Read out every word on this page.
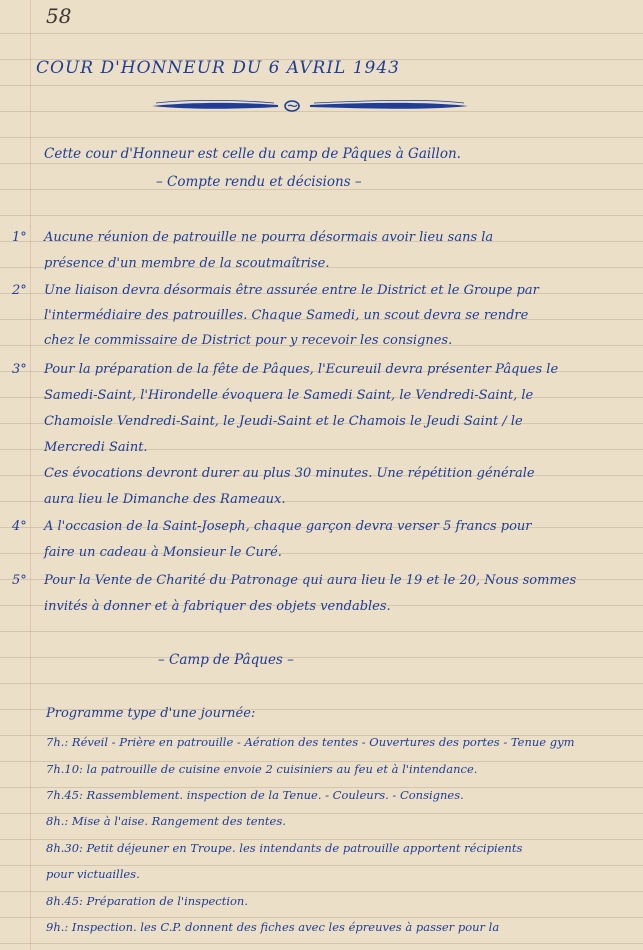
58
COUR D'HONNEUR DU 6 AVRIL 1943
Cette cour d'Honneur est celle du camp de Pâques à Gaillon.
– Compte rendu et décisions –
1° Aucune réunion de patrouille ne pourra désormais avoir lieu sans la
présence d'un membre de la scoutmaîtrise.
2° Une liaison devra désormais être assurée entre le District et le Groupe par
l'intermédiaire des patrouilles. Chaque Samedi, un scout devra se rendre
chez le commissaire de District pour y recevoir les consignes.
3° Pour la préparation de la fête de Pâques, l'Ecureuil devra présenter Pâques le
Samedi-Saint, l'Hirondelle évoquera le Samedi Saint, le Vendredi-Saint, le
Chamoisle Vendredi-Saint, le Jeudi-Saint et le Chamois le Jeudi Saint / le
Mercredi Saint.
Ces évocations devront durer au plus 30 minutes. Une répétition générale
aura lieu le Dimanche des Rameaux.
4° A l'occasion de la Saint-Joseph, chaque garçon devra verser 5 francs pour
faire un cadeau à Monsieur le Curé.
5° Pour la Vente de Charité du Patronage qui aura lieu le 19 et le 20, Nous sommes
invités à donner et à fabriquer des objets vendables.
– Camp de Pâques –
Programme type d'une journée:
7h.: Réveil - Prière en patrouille - Aération des tentes - Ouvertures des portes - Tenue gym
7h.10: la patrouille de cuisine envoie 2 cuisiniers au feu et à l'intendance.
7h.45: Rassemblement. inspection de la Tenue. - Couleurs. - Consignes.
8h.: Mise à l'aise. Rangement des tentes.
8h.30: Petit déjeuner en Troupe. les intendants de patrouille apportent récipients
pour victuailles.
8h.45: Préparation de l'inspection.
9h.: Inspection. les C.P. donnent des fiches avec les épreuves à passer pour la
